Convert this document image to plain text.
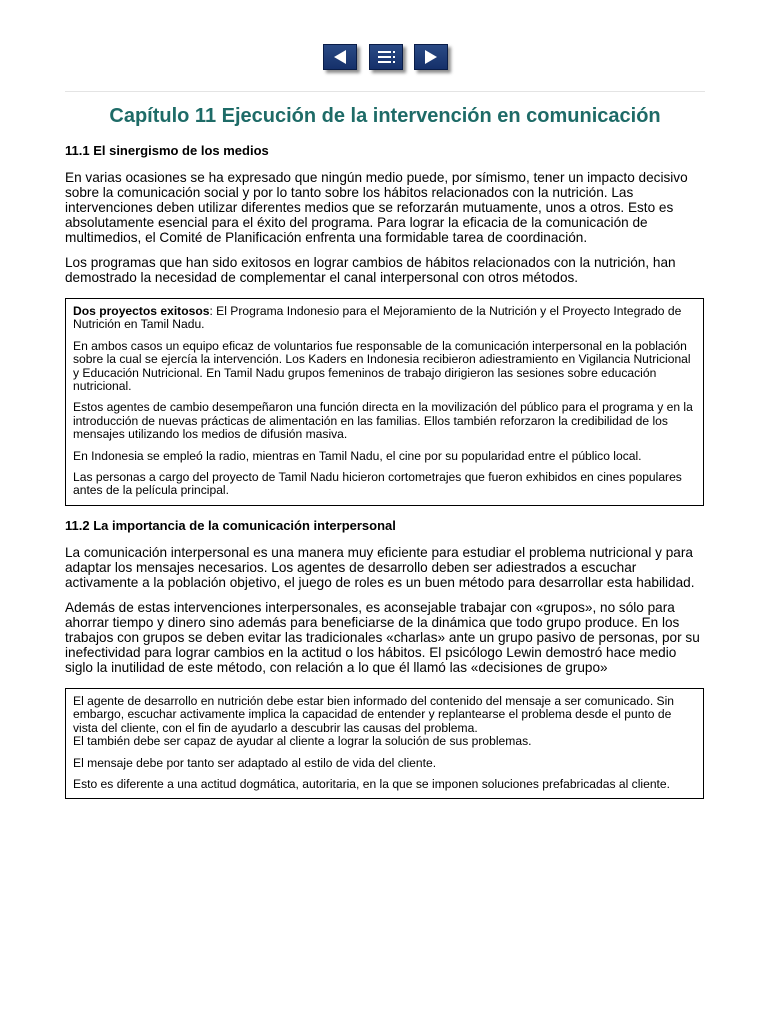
Capítulo 11 Ejecución de la intervención en comunicación
11.1 El sinergismo de los medios

En varias ocasiones se ha expresado que ningún medio puede, por símismo, tener un impacto decisivo sobre la comunicación social y por lo tanto sobre los hábitos relacionados con la nutrición. Las intervenciones deben utilizar diferentes medios que se reforzarán mutuamente, unos a otros. Esto es absolutamente esencial para el éxito del programa. Para lograr la eficacia de la comunicación de multimedios, el Comité de Planificación enfrenta una formidable tarea de coordinación.

Los programas que han sido exitosos en lograr cambios de hábitos relacionados con la nutrición, han demostrado la necesidad de complementar el canal interpersonal con otros métodos.

Dos proyectos exitosos: El Programa Indonesio para el Mejoramiento de la Nutrición y el Proyecto Integrado de Nutrición en Tamil Nadu.

En ambos casos un equipo eficaz de voluntarios fue responsable de la comunicación interpersonal en la población sobre la cual se ejercía la intervención. Los Kaders en Indonesia recibieron adiestramiento en Vigilancia Nutricional y Educación Nutricional. En Tamil Nadu grupos femeninos de trabajo dirigieron las sesiones sobre educación nutricional.

Estos agentes de cambio desempeñaron una función directa en la movilización del público para el programa y en la introducción de nuevas prácticas de alimentación en las familias. Ellos también reforzaron la credibilidad de los mensajes utilizando los medios de difusión masiva.

En Indonesia se empleó la radio, mientras en Tamil Nadu, el cine por su popularidad entre el público local.

Las personas a cargo del proyecto de Tamil Nadu hicieron cortometrajes que fueron exhibidos en cines populares antes de la película principal.

11.2 La importancia de la comunicación interpersonal

La comunicación interpersonal es una manera muy eficiente para estudiar el problema nutricional y para adaptar los mensajes necesarios. Los agentes de desarrollo deben ser adiestrados a escuchar activamente a la población objetivo, el juego de roles es un buen método para desarrollar esta habilidad.

Además de estas intervenciones interpersonales, es aconsejable trabajar con «grupos», no sólo para ahorrar tiempo y dinero sino además para beneficiarse de la dinámica que todo grupo produce. En los trabajos con grupos se deben evitar las tradicionales «charlas» ante un grupo pasivo de personas, por su inefectividad para lograr cambios en la actitud o los hábitos. El psicólogo Lewin demostró hace medio siglo la inutilidad de este método, con relación a lo que él llamó las «decisiones de grupo»

El agente de desarrollo en nutrición debe estar bien informado del contenido del mensaje a ser comunicado. Sin embargo, escuchar activamente implica la capacidad de entender y replantearse el problema desde el punto de vista del cliente, con el fin de ayudarlo a descubrir las causas del problema.

El también debe ser capaz de ayudar al cliente a lograr la solución de sus problemas.

El mensaje debe por tanto ser adaptado al estilo de vida del cliente.

Esto es diferente a una actitud dogmática, autoritaria, en la que se imponen soluciones prefabricadas al cliente.
